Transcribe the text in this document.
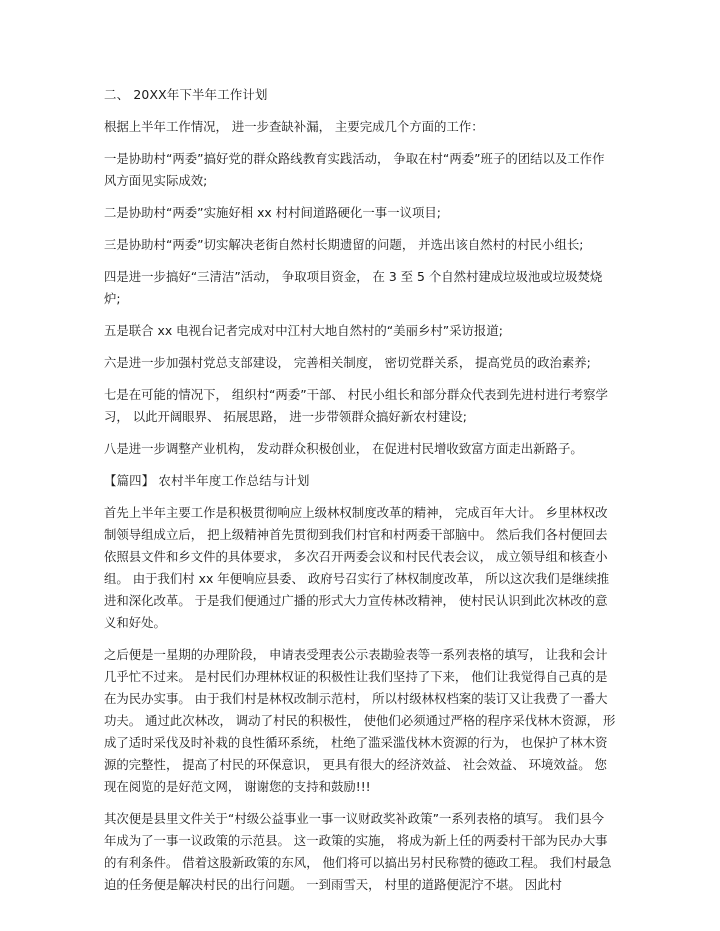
二、 20XX年下半年工作计划

根据上半年工作情况， 进一步查缺补漏， 主要完成几个方面的工作：

一是协助村“两委”搞好党的群众路线教育实践活动， 争取在村“两委”班子的团结以及工作作风方面见实际成效;

二是协助村“两委”实施好相 xx 村村间道路硬化一事一议项目;

三是协助村“两委”切实解决老街自然村长期遗留的问题， 并选出该自然村的村民小组长;

四是进一步搞好“三清洁”活动， 争取项目资金， 在 3 至 5 个自然村建成垃圾池或垃圾焚烧炉;

五是联合 xx 电视台记者完成对中江村大地自然村的“美丽乡村”采访报道;

六是进一步加强村党总支部建设， 完善相关制度， 密切党群关系， 提高党员的政治素养;

七是在可能的情况下， 组织村“两委”干部、 村民小组长和部分群众代表到先进村进行考察学习， 以此开阔眼界、 拓展思路， 进一步带领群众搞好新农村建设;

八是进一步调整产业机构， 发动群众积极创业， 在促进村民增收致富方面走出新路子。

【篇四】 农村半年度工作总结与计划

首先上半年主要工作是积极贯彻响应上级林权制度改革的精神， 完成百年大计。 乡里林权改制领导组成立后， 把上级精神首先贯彻到我们村官和村两委干部脑中。 然后我们各村便回去依照县文件和乡文件的具体要求， 多次召开两委会议和村民代表会议， 成立领导组和核查小组。 由于我们村 xx 年便响应县委、 政府号召实行了林权制度改革， 所以这次我们是继续推进和深化改革。 于是我们便通过广播的形式大力宣传林改精神， 使村民认识到此次林改的意义和好处。

之后便是一星期的办理阶段， 申请表受理表公示表勘验表等一系列表格的填写， 让我和会计几乎忙不过来。 是村民们办理林权证的积极性让我们坚持了下来， 他们让我觉得自己真的是在为民办实事。 由于我们村是林权改制示范村， 所以村级林权档案的装订又让我费了一番大功夫。 通过此次林改， 调动了村民的积极性， 使他们必须通过严格的程序采伐林木资源， 形成了适时采伐及时补栽的良性循环系统， 杜绝了滥采滥伐林木资源的行为， 也保护了林木资源的完整性， 提高了村民的环保意识， 更具有很大的经济效益、 社会效益、 环境效益。 您现在阅览的是好范文网， 谢谢您的支持和鼓励!!!

其次便是县里文件关于“村级公益事业一事一议财政奖补政策”一系列表格的填写。 我们县今年成为了一事一议政策的示范县。 这一政策的实施， 将成为新上任的两委村干部为民办大事的有利条件。 借着这股新政策的东风， 他们将可以搞出另村民称赞的德政工程。 我们村最急迫的任务便是解决村民的出行问题。 一到雨雪天， 村里的道路便泥泞不堪。 因此村
